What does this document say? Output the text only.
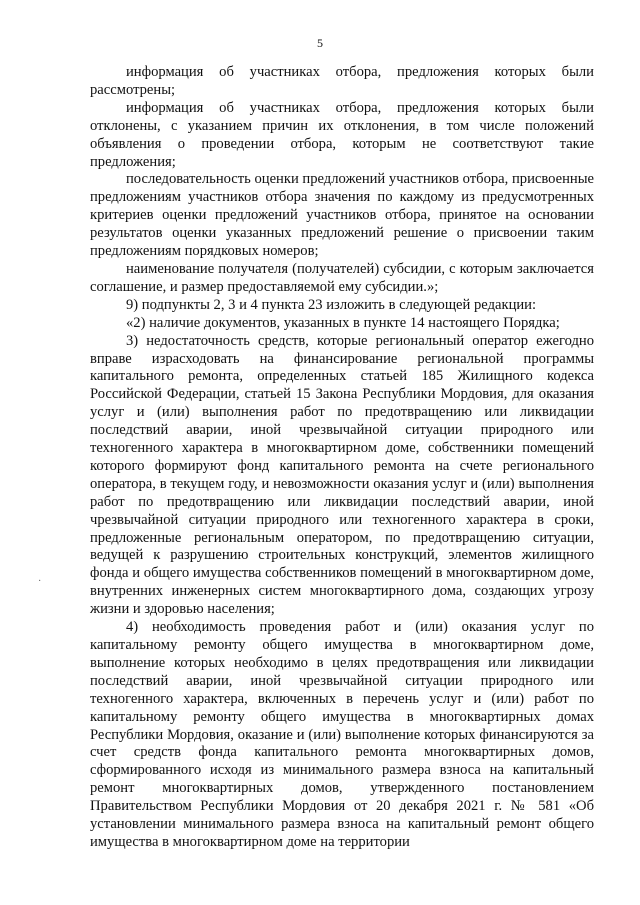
5
·

информация об участниках отбора, предложения которых были рассмотрены;

информация об участниках отбора, предложения которых были отклонены, с указанием причин их отклонения, в том числе положений объявления о проведении отбора, которым не соответствуют такие предложения;

последовательность оценки предложений участников отбора, присвоенные предложениям участников отбора значения по каждому из предусмотренных критериев оценки предложений участников отбора, принятое на основании результатов оценки указанных предложений решение о присвоении таким предложениям порядковых номеров;

наименование получателя (получателей) субсидии, с которым заключается соглашение, и размер предоставляемой ему субсидии.»;

9) подпункты 2, 3 и 4 пункта 23 изложить в следующей редакции:

«2) наличие документов, указанных в пункте 14 настоящего Порядка;

3) недостаточность средств, которые региональный оператор ежегодно вправе израсходовать на финансирование региональной программы капитального ремонта, определенных статьей 185 Жилищного кодекса Российской Федерации, статьей 15 Закона Республики Мордовия, для оказания услуг и (или) выполнения работ по предотвращению или ликвидации последствий аварии, иной чрезвычайной ситуации природного или техногенного характера в многоквартирном доме, собственники помещений которого формируют фонд капитального ремонта на счете регионального оператора, в текущем году, и невозможности оказания услуг и (или) выполнения работ по предотвращению или ликвидации последствий аварии, иной чрезвычайной ситуации природного или техногенного характера в сроки, предложенные региональным оператором, по предотвращению ситуации, ведущей к разрушению строительных конструкций, элементов жилищного фонда и общего имущества собственников помещений в многоквартирном доме, внутренних инженерных систем многоквартирного дома, создающих угрозу жизни и здоровью населения;

4) необходимость проведения работ и (или) оказания услуг по капитальному ремонту общего имущества в многоквартирном доме, выполнение которых необходимо в целях предотвращения или ликвидации последствий аварии, иной чрезвычайной ситуации природного или техногенного характера, включенных в перечень услуг и (или) работ по капитальному ремонту общего имущества в многоквартирных домах Республики Мордовия, оказание и (или) выполнение которых финансируются за счет средств фонда капитального ремонта многоквартирных домов, сформированного исходя из минимального размера взноса на капитальный ремонт многоквартирных домов, утвержденного постановлением Правительством Республики Мордовия от 20 декабря 2021 г. № 581 «Об установлении минимального размера взноса на капитальный ремонт общего имущества в многоквартирном доме на территории
